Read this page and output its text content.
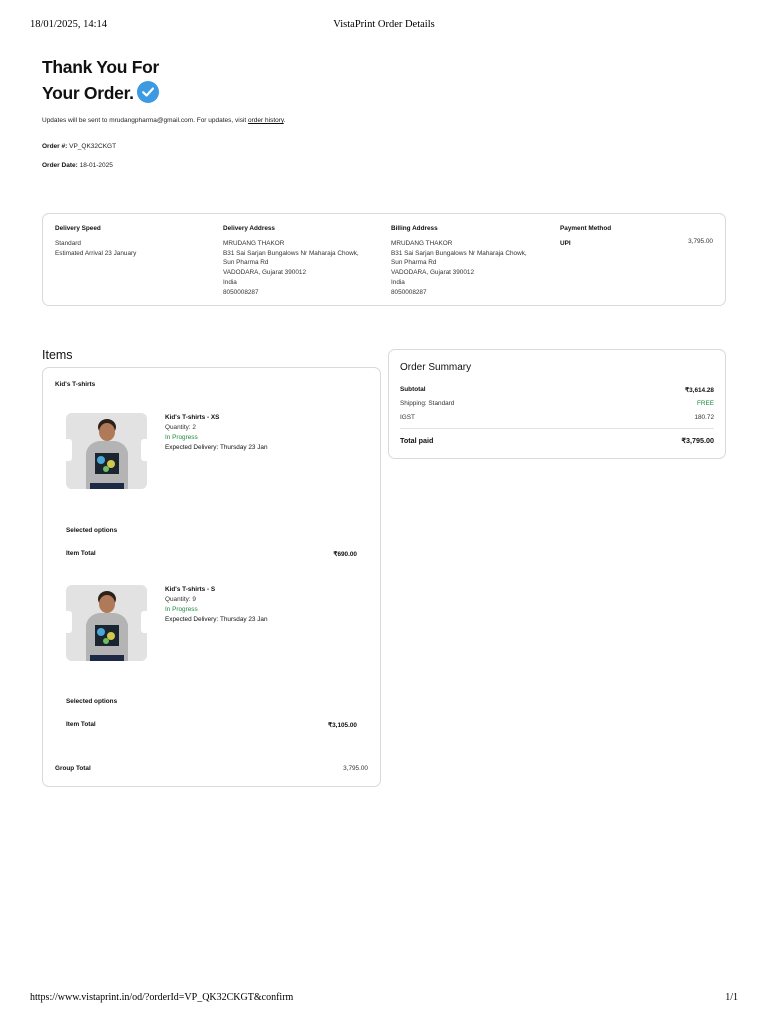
18/01/2025, 14:14	VistaPrint Order Details
Thank You For
Your Order.
Updates will be sent to mrudangpharma@gmail.com. For updates, visit order history.
Order #: VP_QK32CKGT
Order Date: 18-01-2025
Delivery Speed
Standard
Estimated Arrival 23 January
Delivery Address
MRUDANG THAKOR
B31 Sai Sarjan Bungalows Nr Maharaja Chowk,
Sun Pharma Rd
VADODARA, Gujarat 390012
India
8050008287
Billing Address
MRUDANG THAKOR
B31 Sai Sarjan Bungalows Nr Maharaja Chowk,
Sun Pharma Rd
VADODARA, Gujarat 390012
India
8050008287
Payment Method
UPI	3,795.00
Items
Kid's T-shirts
Kid's T-shirts - XS
Quantity: 2
In Progress
Expected Delivery: Thursday 23 Jan
Selected options
Item Total	₹690.00
Kid's T-shirts - S
Quantity: 9
In Progress
Expected Delivery: Thursday 23 Jan
Selected options
Item Total	₹3,105.00
Group Total	3,795.00
Order Summary
Subtotal	₹3,614.28
Shipping: Standard	FREE
IGST	180.72
Total paid	₹3,795.00
https://www.vistaprint.in/od/?orderId=VP_QK32CKGT&confirm	1/1
